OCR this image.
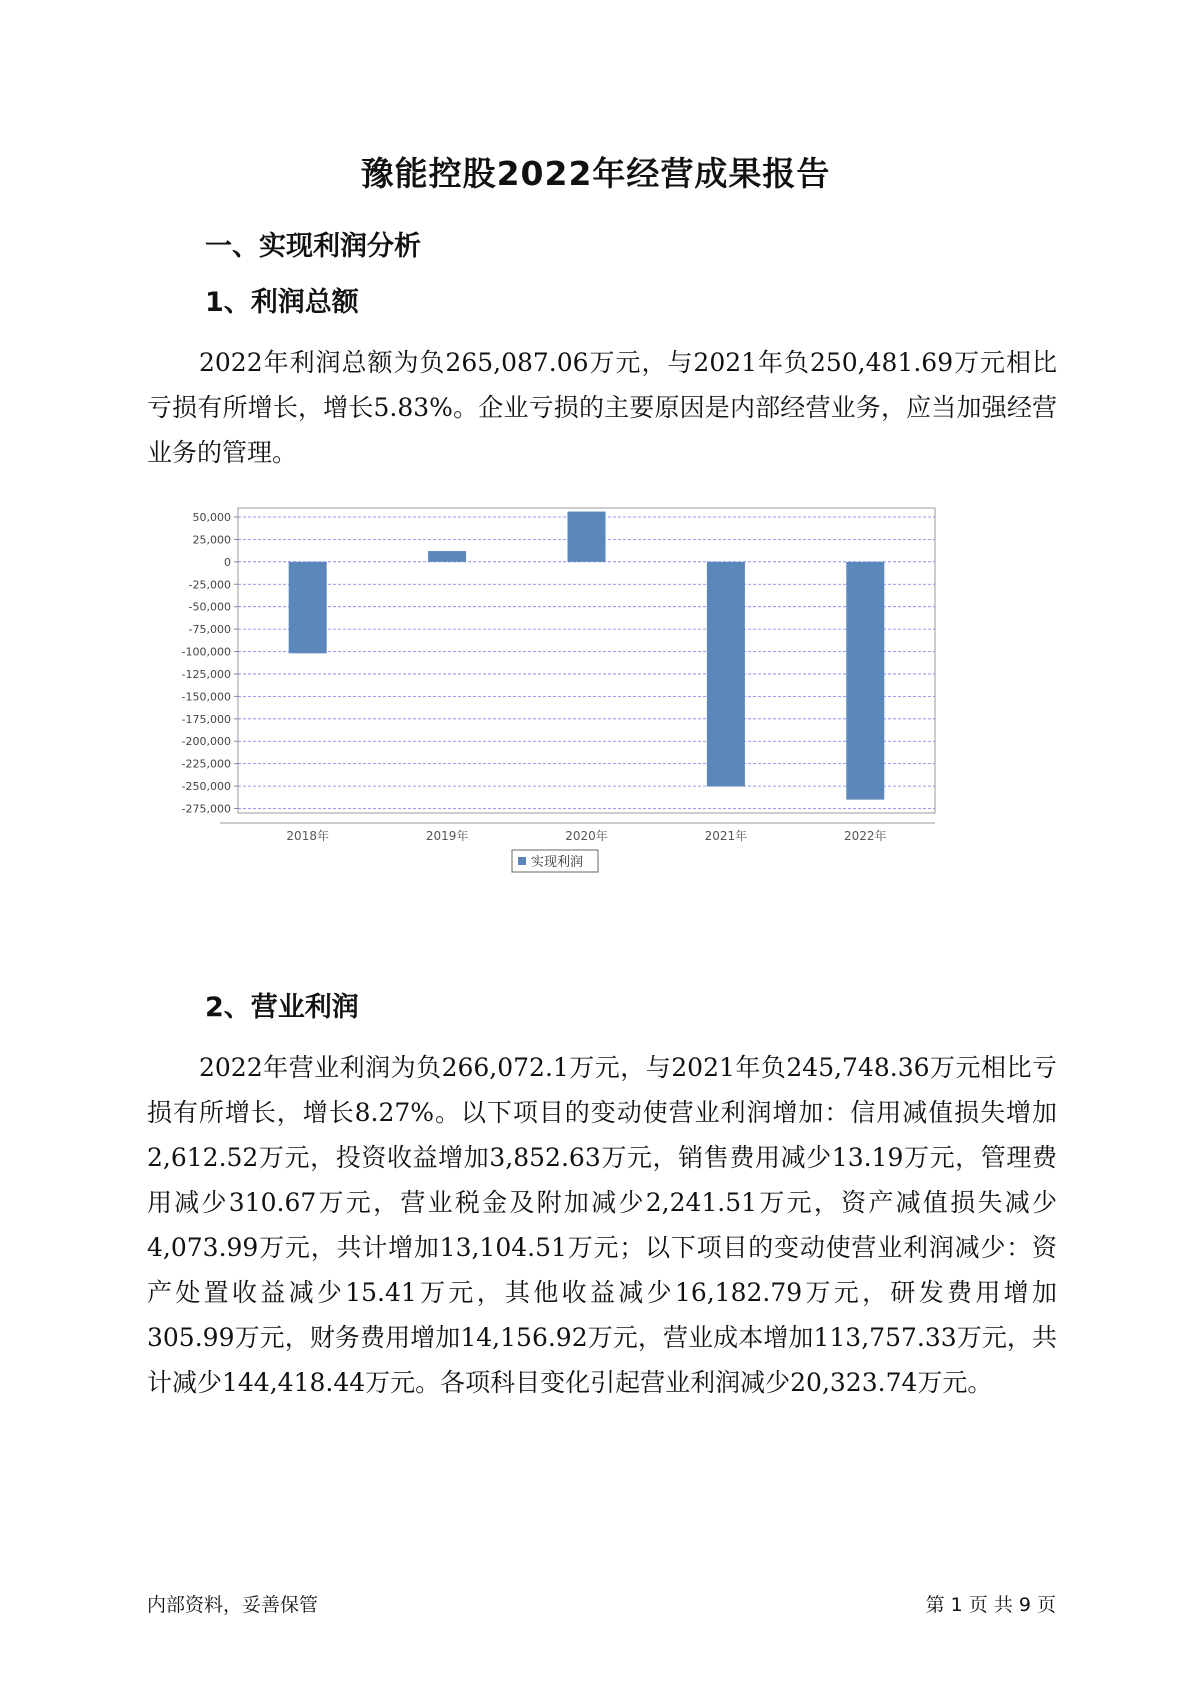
豫能控股2022年经营成果报告
一、实现利润分析
1、利润总额
2022年利润总额为负265,087.06万元，与2021年负250,481.69万元相比亏损有所增长，增长5.83%。企业亏损的主要原因是内部经营业务，应当加强经营业务的管理。
50,000
25,000
0
-25,000
-50,000
-75,000
-100,000
-125,000
-150,000
-175,000
-200,000
-225,000
-250,000
-275,000
2018年	2019年	2020年	2021年	2022年
实现利润
2、营业利润
2022年营业利润为负266,072.1万元，与2021年负245,748.36万元相比亏损有所增长，增长8.27%。以下项目的变动使营业利润增加：信用减值损失增加2,612.52万元，投资收益增加3,852.63万元，销售费用减少13.19万元，管理费用减少310.67万元，营业税金及附加减少2,241.51万元，资产减值损失减少4,073.99万元，共计增加13,104.51万元；以下项目的变动使营业利润减少：资产处置收益减少15.41万元，其他收益减少16,182.79万元，研发费用增加305.99万元，财务费用增加14,156.92万元，营业成本增加113,757.33万元，共计减少144,418.44万元。各项科目变化引起营业利润减少20,323.74万元。
内部资料，妥善保管	第 1 页 共 9 页
